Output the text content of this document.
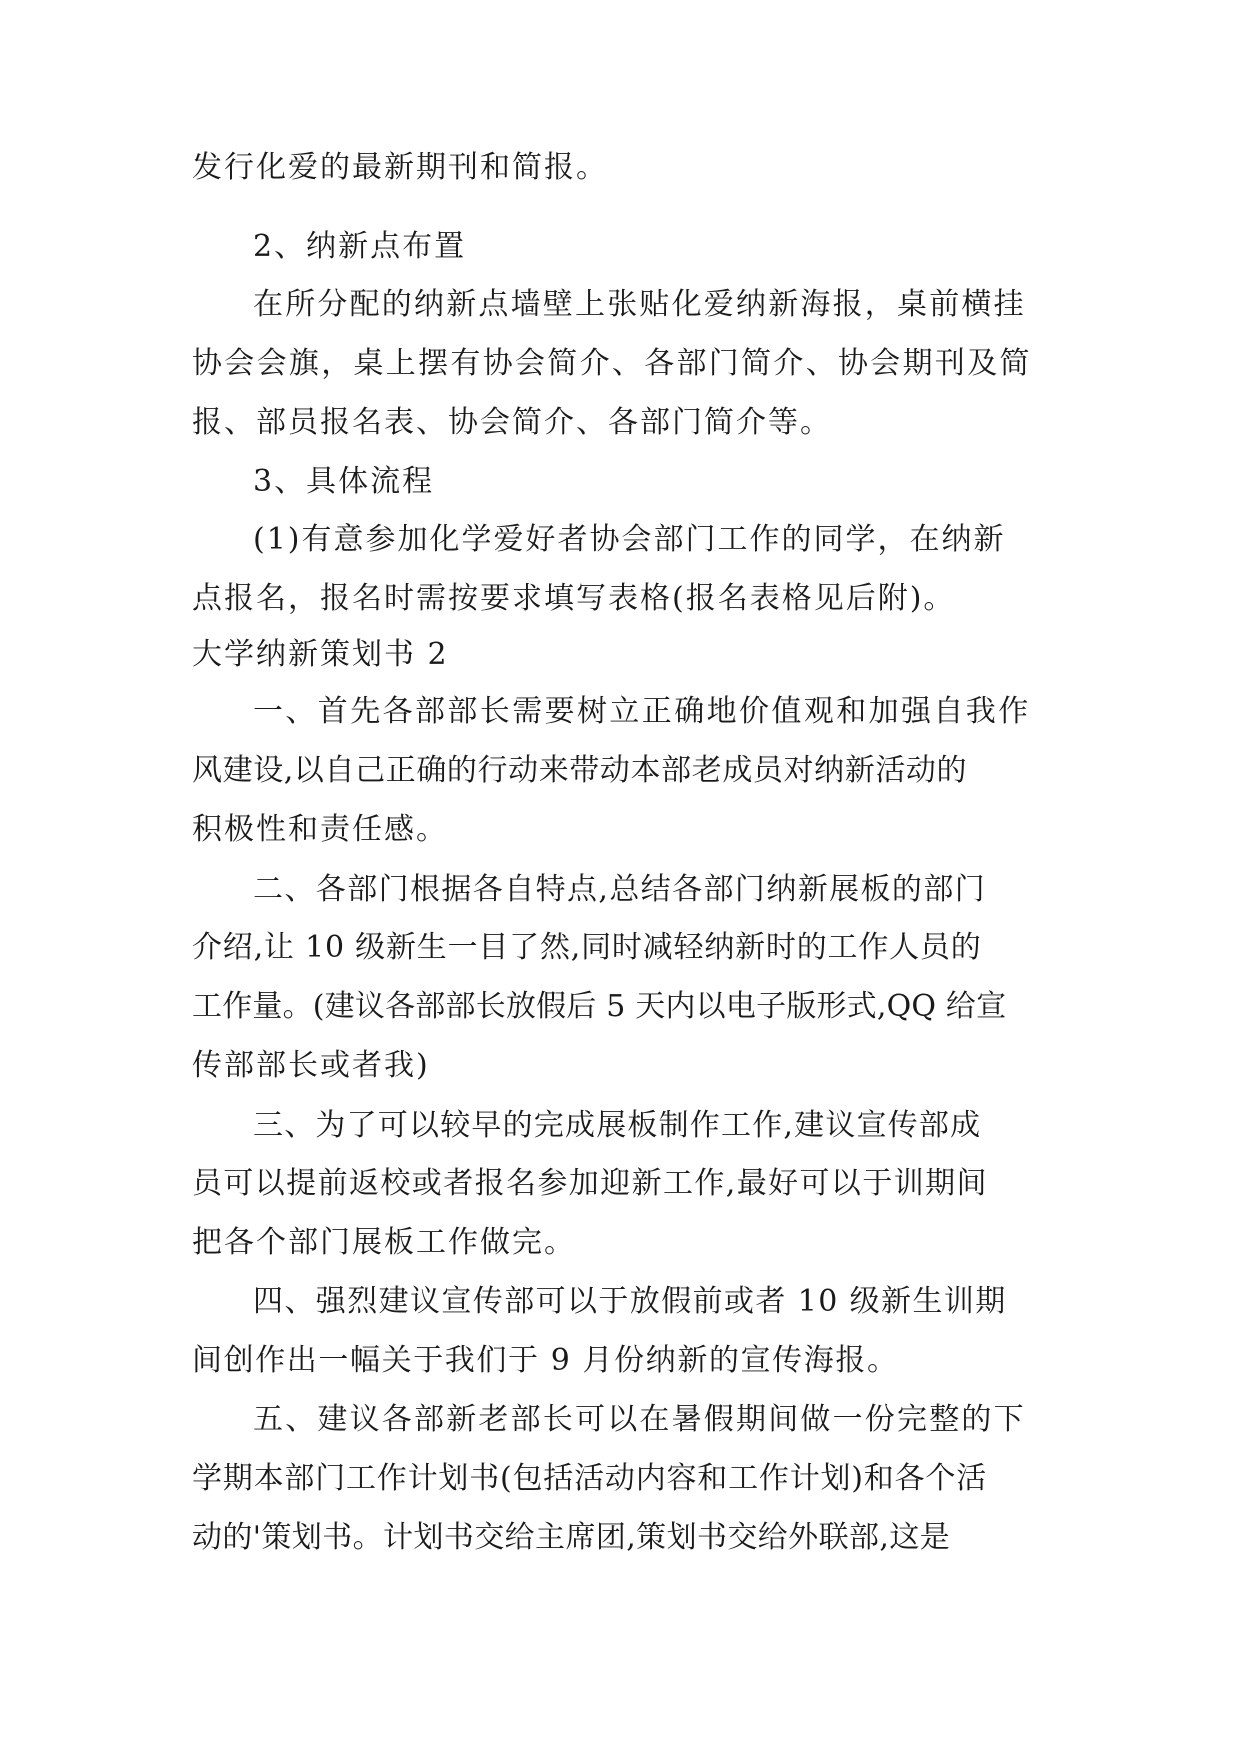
发行化爱的最新期刊和简报。
2、纳新点布置
在所分配的纳新点墙壁上张贴化爱纳新海报，桌前横挂
协会会旗，桌上摆有协会简介、各部门简介、协会期刊及简
报、部员报名表、协会简介、各部门简介等。
3、具体流程
(1)有意参加化学爱好者协会部门工作的同学，在纳新
点报名，报名时需按要求填写表格(报名表格见后附)。
大学纳新策划书 2
一、首先各部部长需要树立正确地价值观和加强自我作
风建设,以自己正确的行动来带动本部老成员对纳新活动的
积极性和责任感。
二、各部门根据各自特点,总结各部门纳新展板的部门
介绍,让 10 级新生一目了然,同时减轻纳新时的工作人员的
工作量。(建议各部部长放假后 5 天内以电子版形式,QQ 给宣
传部部长或者我)
三、为了可以较早的完成展板制作工作,建议宣传部成
员可以提前返校或者报名参加迎新工作,最好可以于训期间
把各个部门展板工作做完。
四、强烈建议宣传部可以于放假前或者 10 级新生训期
间创作出一幅关于我们于 9 月份纳新的宣传海报。
五、建议各部新老部长可以在暑假期间做一份完整的下
学期本部门工作计划书(包括活动内容和工作计划)和各个活
动的'策划书。计划书交给主席团,策划书交给外联部,这是
